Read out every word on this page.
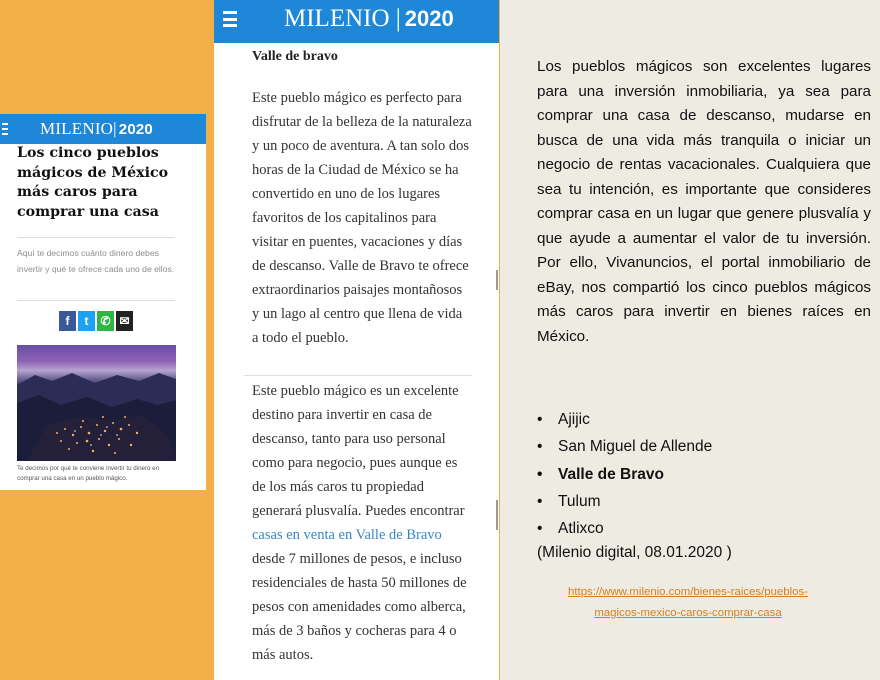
MILENIO| 2020
Los cinco pueblos mágicos de México más caros para comprar una casa
Aquí te decimos cuánto dinero debes invertir y qué te ofrece cada uno de ellos.
f	t ✆ ✉
Te decimos por qué te conviene invertir tu dinero en comprar una casa en un pueblo mágico.
MILENIO | 2020
Valle de bravo
Este pueblo mágico es perfecto para disfrutar de la belleza de la naturaleza y un poco de aventura. A tan solo dos horas de la Ciudad de México se ha convertido en uno de los lugares favoritos de los capitalinos para visitar en puentes, vacaciones y días de descanso. Valle de Bravo te ofrece extraordinarios paisajes montañosos y un lago al centro que llena de vida a todo el pueblo.
Este pueblo mágico es un excelente destino para invertir en casa de descanso, tanto para uso personal como para negocio, pues aunque es de los más caros tu propiedad generará plusvalía. Puedes encontrar casas en venta en Valle de Bravo desde 7 millones de pesos, e incluso residenciales de hasta 50 millones de pesos con amenidades como alberca, más de 3 baños y cocheras para 4 o más autos.
Los pueblos mágicos son excelentes lugares para una inversión inmobiliaria, ya sea para comprar una casa de descanso, mudarse en busca de una vida más tranquila o iniciar un negocio de rentas vacacionales. Cualquiera que sea tu intención, es importante que consideres comprar casa en un lugar que genere plusvalía y que ayude a aumentar el valor de tu inversión. Por ello, Vivanuncios, el portal inmobiliario de eBay, nos compartió los cinco pueblos mágicos más caros para invertir en bienes raíces en México.
• Ajijic
• San Miguel de Allende
• Valle de Bravo
• Tulum
• Atlixco
(Milenio digital, 08.01.2020 )
https://www.milenio.com/bienes-raices/pueblos-magicos-mexico-caros-comprar-casa
